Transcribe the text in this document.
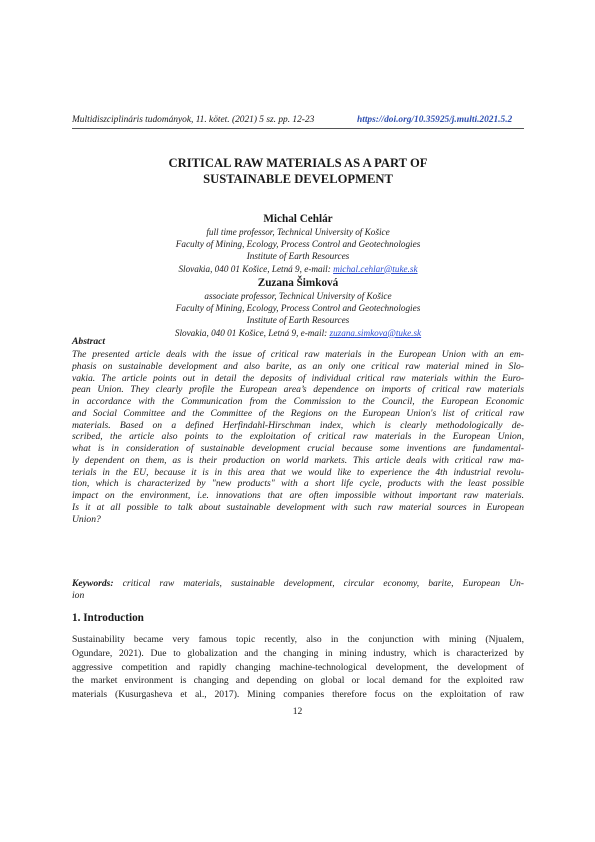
Multidiszciplináris tudományok, 11. kötet. (2021) 5 sz. pp. 12-23	https://doi.org/10.35925/j.multi.2021.5.2
CRITICAL RAW MATERIALS AS A PART OF
SUSTAINABLE DEVELOPMENT
Michal Cehlár
full time professor, Technical University of Košice
Faculty of Mining, Ecology, Process Control and Geotechnologies
Institute of Earth Resources
Slovakia, 040 01 Košice, Letná 9, e-mail: michal.cehlar@tuke.sk
Zuzana Šimková
associate professor, Technical University of Košice
Faculty of Mining, Ecology, Process Control and Geotechnologies
Institute of Earth Resources
Slovakia, 040 01 Košice, Letná 9, e-mail: zuzana.simkova@tuke.sk
Abstract
The presented article deals with the issue of critical raw materials in the European Union with an em-
phasis on sustainable development and also barite, as an only one critical raw material mined in Slo-
vakia. The article points out in detail the deposits of individual critical raw materials within the Euro-
pean Union. They clearly profile the European area’s dependence on imports of critical raw materials
in accordance with the Communication from the Commission to the Council, the European Economic
and Social Committee and the Committee of the Regions on the European Union's list of critical raw
materials. Based on a defined Herfindahl-Hirschman index, which is clearly methodologically de-
scribed, the article also points to the exploitation of critical raw materials in the European Union,
what is in consideration of sustainable development crucial because some inventions are fundamental-
ly dependent on them, as is their production on world markets. This article deals with critical raw ma-
terials in the EU, because it is in this area that we would like to experience the 4th industrial revolu-
tion, which is characterized by "new products" with a short life cycle, products with the least possible
impact on the environment, i.e. innovations that are often impossible without important raw materials.
Is it at all possible to talk about sustainable development with such raw material sources in European
Union?
Keywords: critical raw materials, sustainable development, circular economy, barite, European Un-
ion
1. Introduction
Sustainability became very famous topic recently, also in the conjunction with mining (Njualem,
Ogundare, 2021). Due to globalization and the changing in mining industry, which is characterized by
aggressive competition and rapidly changing machine-technological development, the development of
the market environment is changing and depending on global or local demand for the exploited raw
materials (Kusurgasheva et al., 2017). Mining companies therefore focus on the exploitation of raw
12
